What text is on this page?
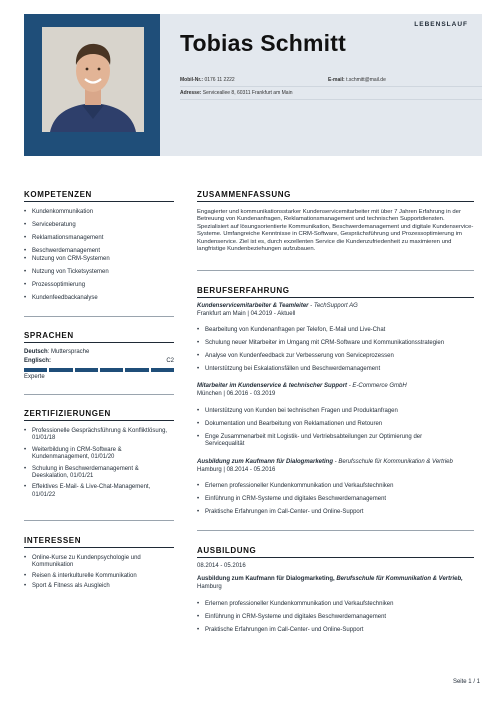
LEBENSLAUF
Tobias Schmitt
Mobil-Nr.: 0176 11 2222	E-mail: t.schmitt@mail.de
Adresse: Serviceallee 8, 60311 Frankfurt am Main
KOMPETENZEN
• Kundenkommunikation
• Serviceberatung
• Reklamationsmanagement
• Beschwerdemanagement
• Nutzung von CRM-Systemen
• Nutzung von Ticketsystemen
• Prozessoptimierung
• Kundenfeedbackanalyse
SPRACHEN
Deutsch: Muttersprache
Englisch:	C2
Experte
ZERTIFIZIERUNGEN
• Professionelle Gesprächsführung & Konfliktlösung, 01/01/18
• Weiterbildung in CRM-Software & Kundenmanagement, 01/01/20
• Schulung in Beschwerdemanagement & Deeskalation, 01/01/21
• Effektives E-Mail- & Live-Chat-Management, 01/01/22
INTERESSEN
• Online-Kurse zu Kundenpsychologie und Kommunikation
• Reisen & interkulturelle Kommunikation
• Sport & Fitness als Ausgleich
ZUSAMMENFASSUNG
Engagierter und kommunikationsstarker Kundenservicemitarbeiter mit über 7 Jahren Erfahrung in der Betreuung von Kundenanfragen, Reklamationsmanagement und technischen Supportdiensten. Spezialisiert auf lösungsorientierte Kommunikation, Beschwerdemanagement und digitale Kundenservice-Systeme. Umfangreiche Kenntnisse in CRM-Software, Gesprächsführung und Prozessoptimierung im Kundenservice. Ziel ist es, durch exzellenten Service die Kundenzufriedenheit zu maximieren und langfristige Kundenbeziehungen aufzubauen.
BERUFSERFAHRUNG
Kundenservicemitarbeiter & Teamleiter - TechSupport AG
Frankfurt am Main | 04.2019 - Aktuell
• Bearbeitung von Kundenanfragen per Telefon, E-Mail und Live-Chat
• Schulung neuer Mitarbeiter im Umgang mit CRM-Software und Kommunikationsstrategien
• Analyse von Kundenfeedback zur Verbesserung von Serviceprozessen
• Unterstützung bei Eskalationsfällen und Beschwerdemanagement
Mitarbeiter im Kundenservice & technischer Support - E-Commerce GmbH
München | 06.2016 - 03.2019
• Unterstützung von Kunden bei technischen Fragen und Produktanfragen
• Dokumentation und Bearbeitung von Reklamationen und Retouren
• Enge Zusammenarbeit mit Logistik- und Vertriebsabteilungen zur Optimierung der Servicequalität
Ausbildung zum Kaufmann für Dialogmarketing - Berufsschule für Kommunikation & Vertrieb
Hamburg | 08.2014 - 05.2016
• Erlernen professioneller Kundenkommunikation und Verkaufstechniken
• Einführung in CRM-Systeme und digitales Beschwerdemanagement
• Praktische Erfahrungen im Call-Center- und Online-Support
AUSBILDUNG
08.2014 - 05.2016
Ausbildung zum Kaufmann für Dialogmarketing, Berufsschule für Kommunikation & Vertrieb,
Hamburg
• Erlernen professioneller Kundenkommunikation und Verkaufstechniken
• Einführung in CRM-Systeme und digitales Beschwerdemanagement
• Praktische Erfahrungen im Call-Center- und Online-Support
Seite 1 / 1
